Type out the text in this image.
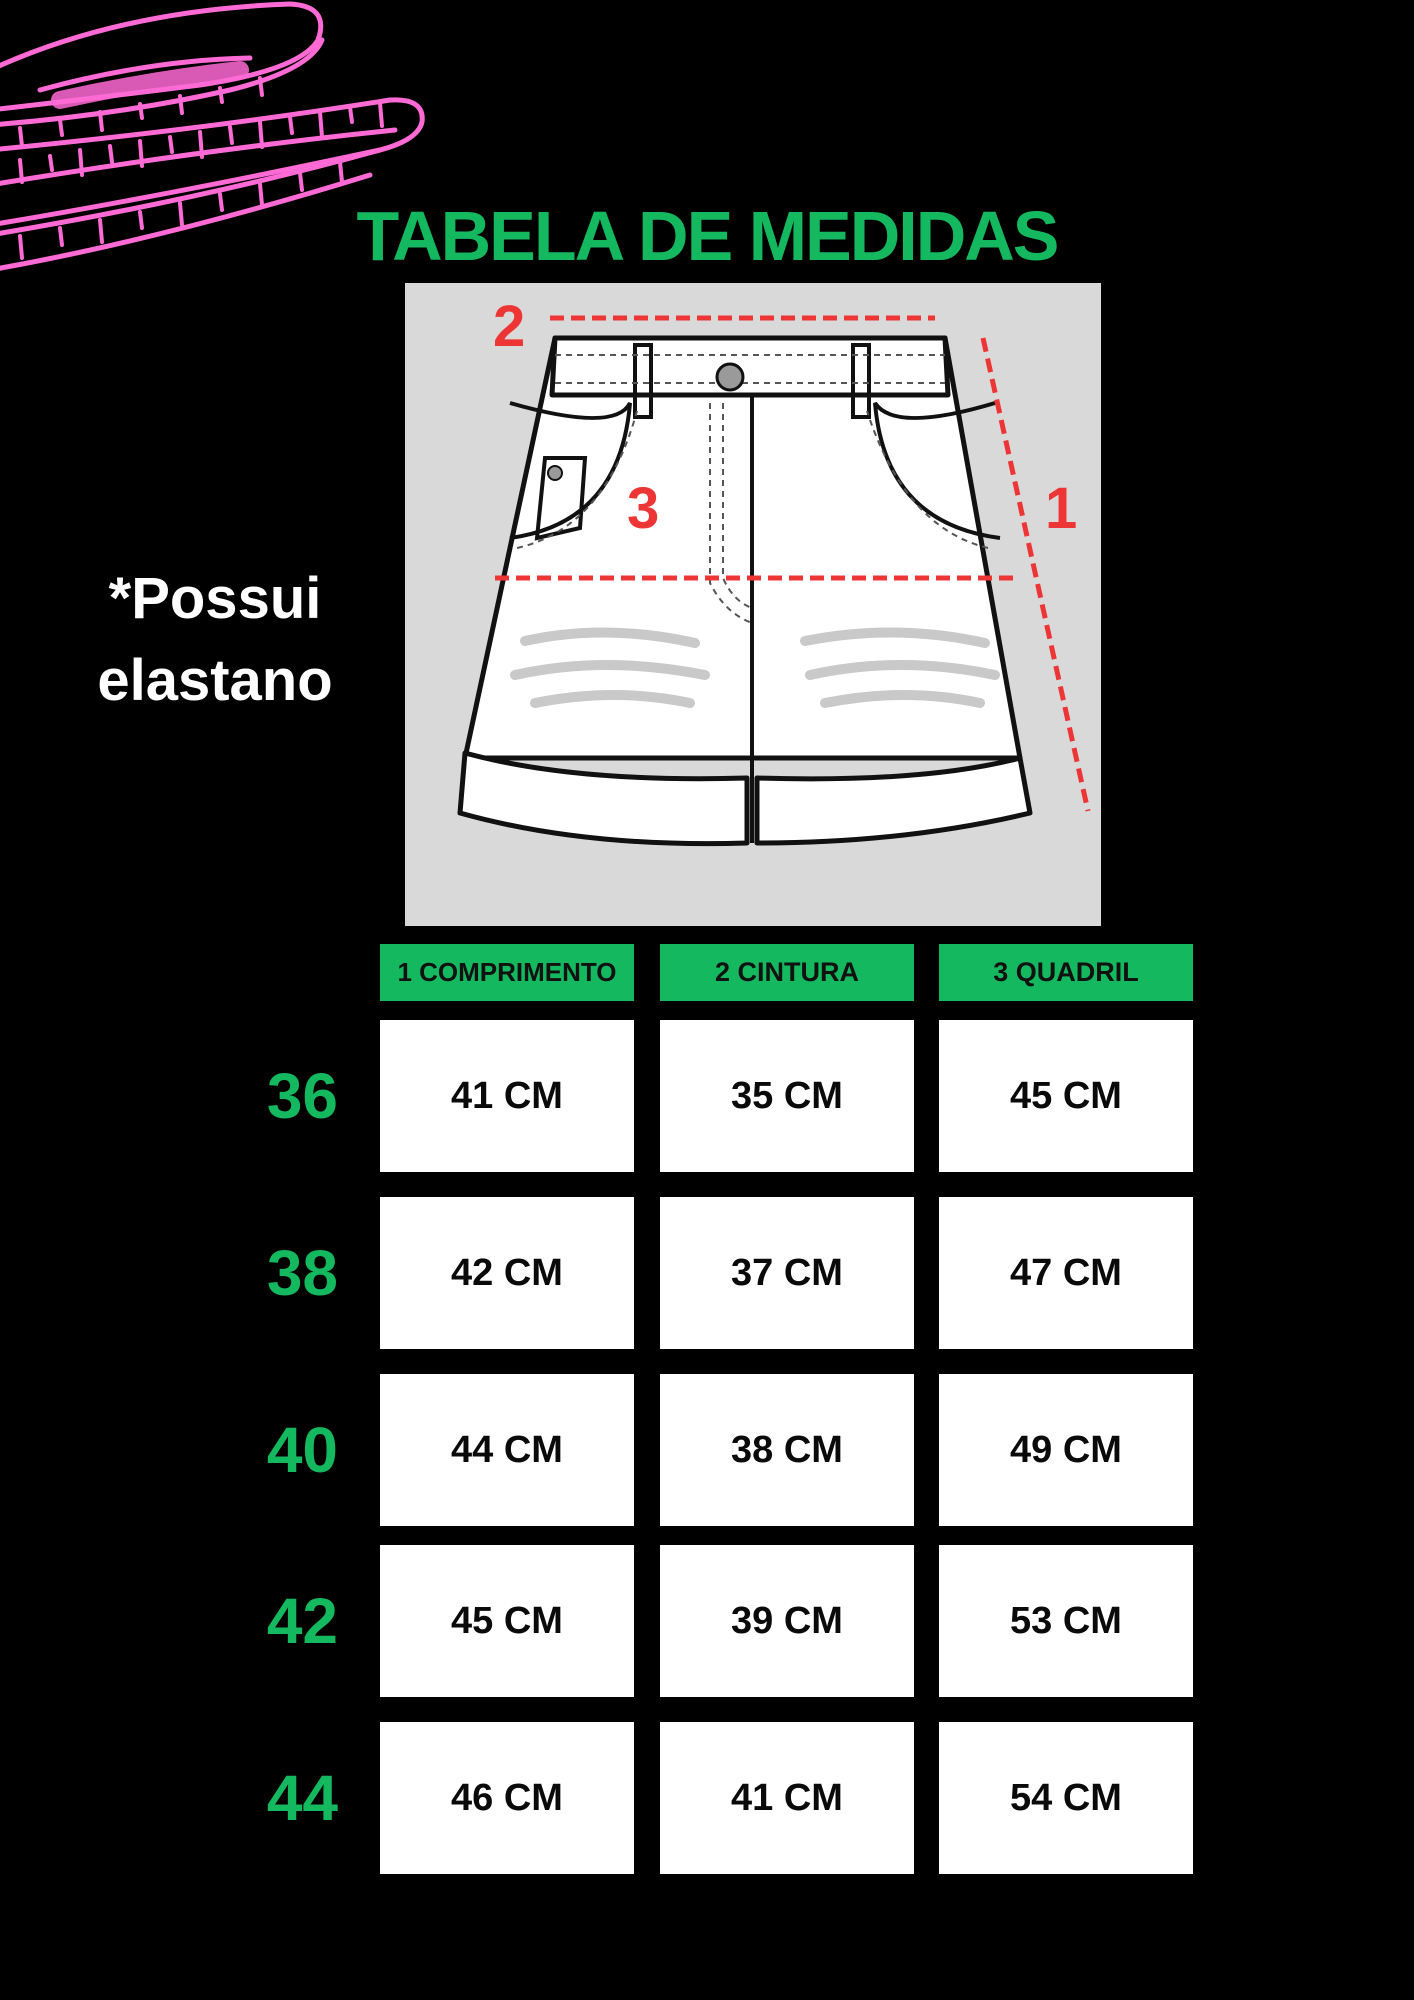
TABELA DE MEDIDAS
*Possui
elastano
2
3	1
1 COMPRIMENTO	2 CINTURA	3 QUADRIL
36	41 CM	35 CM	45 CM
38	42 CM	37 CM	47 CM
40	44 CM	38 CM	49 CM
42	45 CM	39 CM	53 CM
44	46 CM	41 CM	54 CM
